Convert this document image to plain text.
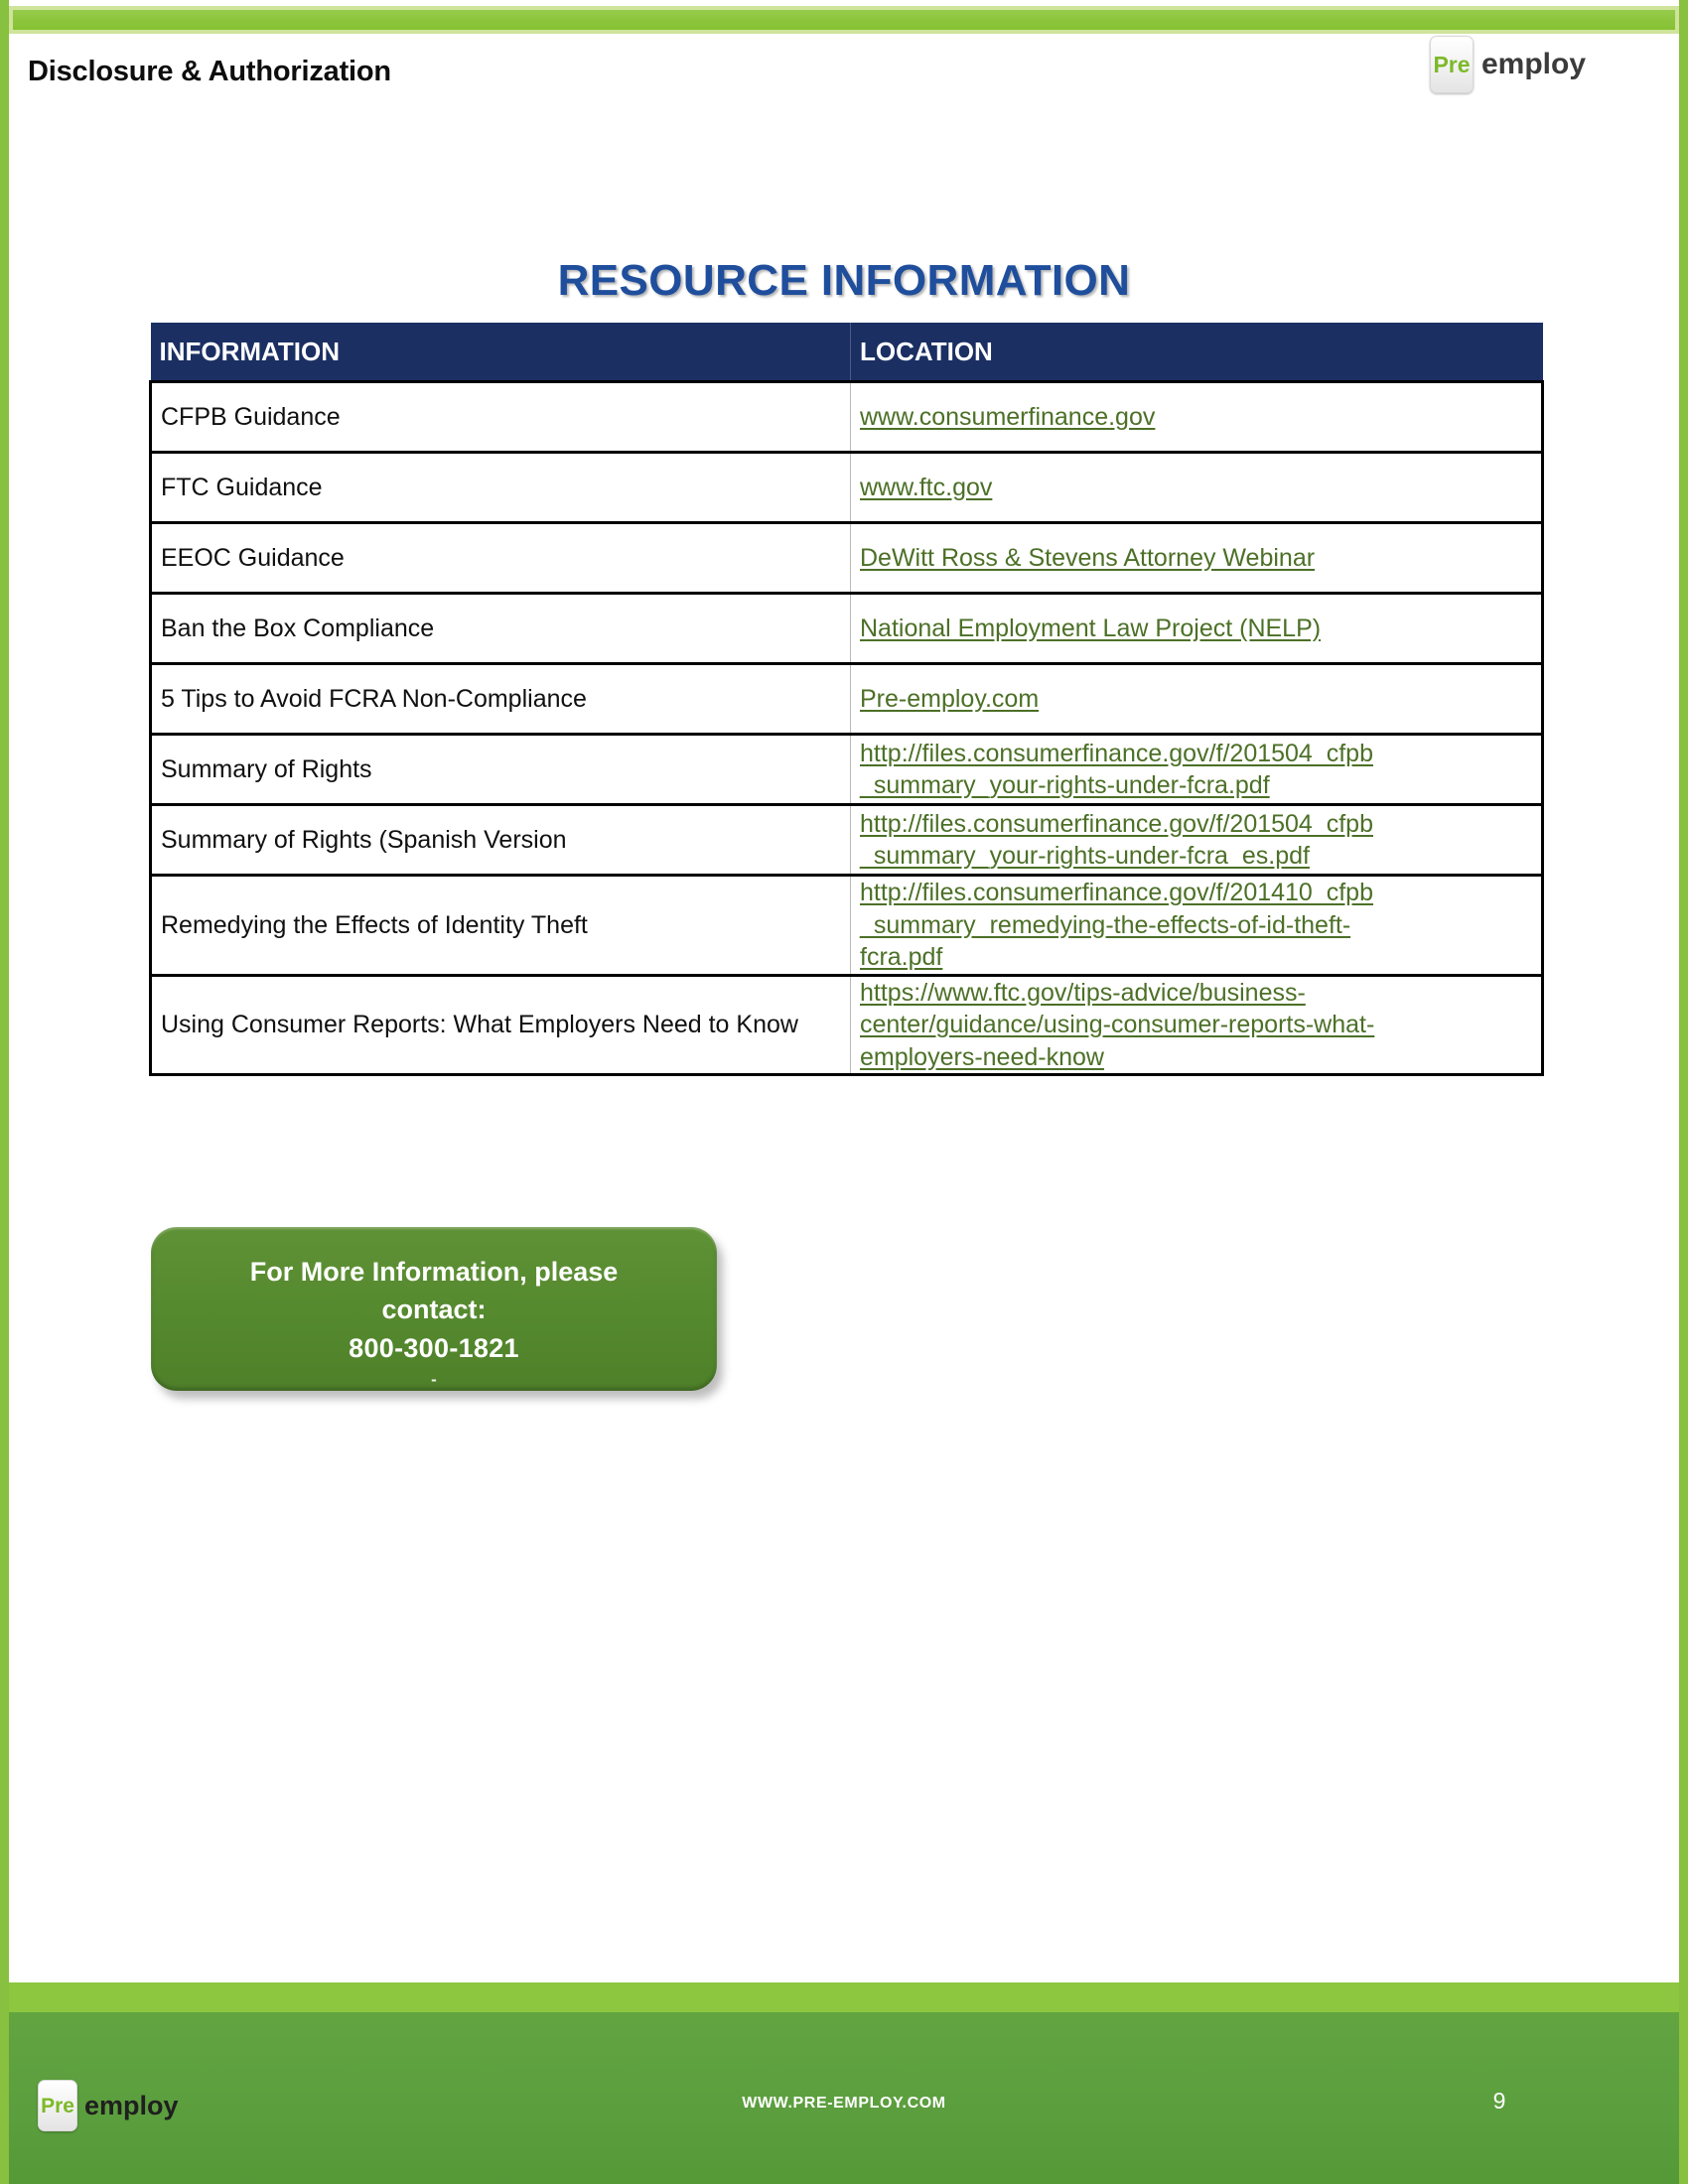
Disclosure & Authorization	Pre employ
RESOURCE INFORMATION
INFORMATION	LOCATION
CFPB Guidance	www.consumerfinance.gov

FTC Guidance	www.ftc.gov

EEOC Guidance	DeWitt Ross & Stevens Attorney Webinar

Ban the Box Compliance	National Employment Law Project (NELP)

5 Tips to Avoid FCRA Non-Compliance	Pre-employ.com

Summary of Rights	http://files.consumerfinance.gov/f/201504_cfpb
_summary_your-rights-under-fcra.pdf

Summary of Rights (Spanish Version	http://files.consumerfinance.gov/f/201504_cfpb
_summary_your-rights-under-fcra_es.pdf

Remedying the Effects of Identity Theft	http://files.consumerfinance.gov/f/201410_cfpb
_summary_remedying-the-effects-of-id-theft-
fcra.pdf

Using Consumer Reports: What Employers Need to Know	https://www.ftc.gov/tips-advice/business-
center/guidance/using-consumer-reports-what-
employers-need-know
For More Information, please
contact:
800-300-1821
-
Pre employ	WWW.PRE-EMPLOY.COM	9
